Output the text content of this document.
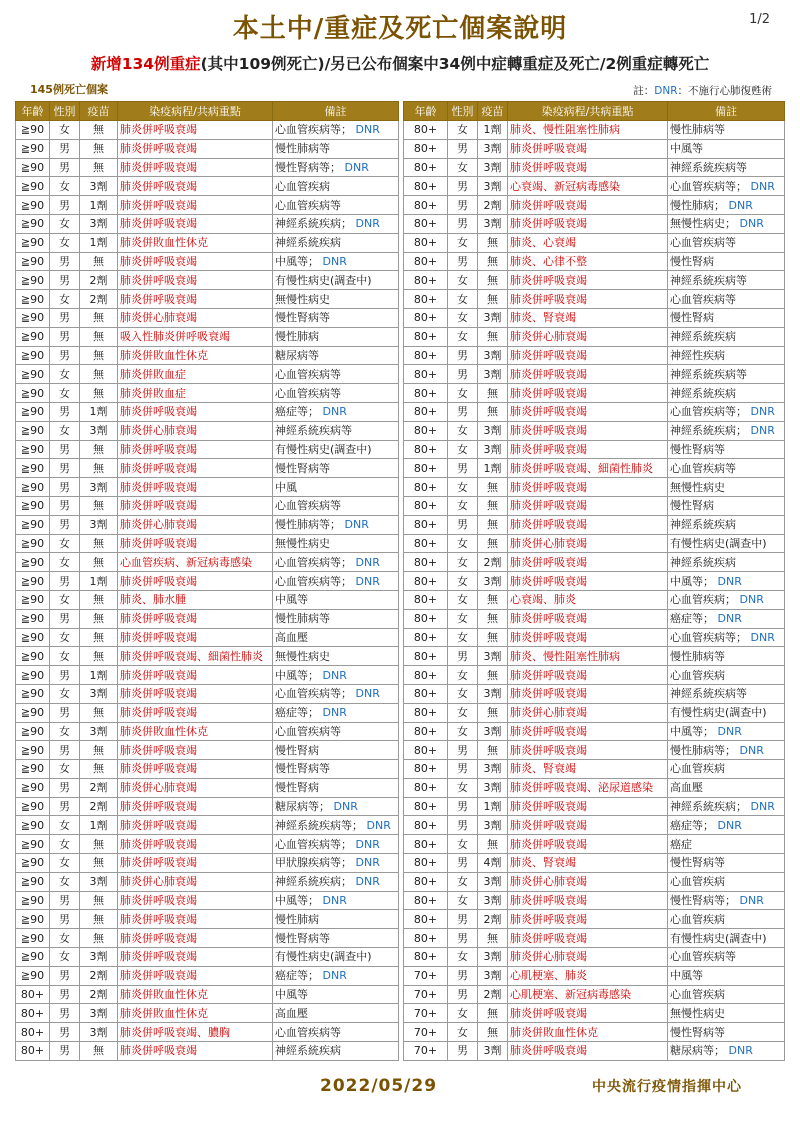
本土中/重症及死亡個案說明	1/2
新增134例重症(其中109例死亡)/另已公布個案中34例中症轉重症及死亡/2例重症轉死亡
145例死亡個案	註：DNR：不施行心肺復甦術
年齡	性別	疫苗	染疫病程/共病重點	備註
≧90	女	無	肺炎併呼吸衰竭	心血管疾病等； DNR
≧90	男	無	肺炎併呼吸衰竭	慢性肺病等
≧90	男	無	肺炎併呼吸衰竭	慢性腎病等； DNR
≧90	女	3劑	肺炎併呼吸衰竭	心血管疾病
≧90	男	1劑	肺炎併呼吸衰竭	心血管疾病等
≧90	女	3劑	肺炎併呼吸衰竭	神經系統疾病； DNR
≧90	女	1劑	肺炎併敗血性休克	神經系統疾病
≧90	男	無	肺炎併呼吸衰竭	中風等； DNR
≧90	男	2劑	肺炎併呼吸衰竭	有慢性病史(調查中)
≧90	女	2劑	肺炎併呼吸衰竭	無慢性病史
≧90	男	無	肺炎併心肺衰竭	慢性腎病等
≧90	男	無	吸入性肺炎併呼吸衰竭	慢性肺病
≧90	男	無	肺炎併敗血性休克	糖尿病等
≧90	女	無	肺炎併敗血症	心血管疾病等
≧90	女	無	肺炎併敗血症	心血管疾病等
≧90	男	1劑	肺炎併呼吸衰竭	癌症等； DNR
≧90	女	3劑	肺炎併心肺衰竭	神經系統疾病等
≧90	男	無	肺炎併呼吸衰竭	有慢性病史(調查中)
≧90	男	無	肺炎併呼吸衰竭	慢性腎病等
≧90	男	3劑	肺炎併呼吸衰竭	中風
≧90	男	無	肺炎併呼吸衰竭	心血管疾病等
≧90	男	3劑	肺炎併心肺衰竭	慢性肺病等； DNR
≧90	女	無	肺炎併呼吸衰竭	無慢性病史
≧90	女	無	心血管疾病、新冠病毒感染	心血管疾病等； DNR
≧90	男	1劑	肺炎併呼吸衰竭	心血管疾病等； DNR
≧90	女	無	肺炎、肺水腫	中風等
≧90	男	無	肺炎併呼吸衰竭	慢性肺病等
≧90	女	無	肺炎併呼吸衰竭	高血壓
≧90	女	無	肺炎併呼吸衰竭、細菌性肺炎	無慢性病史
≧90	男	1劑	肺炎併呼吸衰竭	中風等； DNR
≧90	女	3劑	肺炎併呼吸衰竭	心血管疾病等； DNR
≧90	男	無	肺炎併呼吸衰竭	癌症等； DNR
≧90	女	3劑	肺炎併敗血性休克	心血管疾病等
≧90	男	無	肺炎併呼吸衰竭	慢性腎病
≧90	女	無	肺炎併呼吸衰竭	慢性腎病等
≧90	男	2劑	肺炎併心肺衰竭	慢性腎病
≧90	男	2劑	肺炎併呼吸衰竭	糖尿病等； DNR
≧90	女	1劑	肺炎併呼吸衰竭	神經系統疾病等； DNR
≧90	女	無	肺炎併呼吸衰竭	心血管疾病等； DNR
≧90	女	無	肺炎併呼吸衰竭	甲狀腺疾病等； DNR
≧90	女	3劑	肺炎併心肺衰竭	神經系統疾病； DNR
≧90	男	無	肺炎併呼吸衰竭	中風等； DNR
≧90	男	無	肺炎併呼吸衰竭	慢性肺病
≧90	女	無	肺炎併呼吸衰竭	慢性腎病等
≧90	女	3劑	肺炎併呼吸衰竭	有慢性病史(調查中)
≧90	男	2劑	肺炎併呼吸衰竭	癌症等； DNR
80+	男	2劑	肺炎併敗血性休克	中風等
80+	男	3劑	肺炎併敗血性休克	高血壓
80+	男	3劑	肺炎併呼吸衰竭、膿胸	心血管疾病等
80+	男	無	肺炎併呼吸衰竭	神經系統疾病
年齡	性別	疫苗	染疫病程/共病重點	備註
80+	女	1劑	肺炎、慢性阻塞性肺病	慢性肺病等
80+	男	3劑	肺炎併呼吸衰竭	中風等
80+	女	3劑	肺炎併呼吸衰竭	神經系統疾病等
80+	男	3劑	心衰竭、新冠病毒感染	心血管疾病等； DNR
80+	男	2劑	肺炎併呼吸衰竭	慢性肺病； DNR
80+	男	3劑	肺炎併呼吸衰竭	無慢性病史； DNR
80+	女	無	肺炎、心衰竭	心血管疾病等
80+	男	無	肺炎、心律不整	慢性腎病
80+	女	無	肺炎併呼吸衰竭	神經系統疾病等
80+	女	無	肺炎併呼吸衰竭	心血管疾病等
80+	女	3劑	肺炎、腎衰竭	慢性腎病
80+	女	無	肺炎併心肺衰竭	神經系統疾病
80+	男	3劑	肺炎併呼吸衰竭	神經性疾病
80+	男	3劑	肺炎併呼吸衰竭	神經系統疾病等
80+	女	無	肺炎併呼吸衰竭	神經系統疾病
80+	男	無	肺炎併呼吸衰竭	心血管疾病等； DNR
80+	女	3劑	肺炎併呼吸衰竭	神經系統疾病； DNR
80+	女	3劑	肺炎併呼吸衰竭	慢性腎病等
80+	男	1劑	肺炎併呼吸衰竭、細菌性肺炎	心血管疾病等
80+	女	無	肺炎併呼吸衰竭	無慢性病史
80+	女	無	肺炎併呼吸衰竭	慢性腎病
80+	男	無	肺炎併呼吸衰竭	神經系統疾病
80+	女	無	肺炎併心肺衰竭	有慢性病史(調查中)
80+	女	2劑	肺炎併呼吸衰竭	神經系統疾病
80+	女	3劑	肺炎併呼吸衰竭	中風等； DNR
80+	女	無	心衰竭、肺炎	心血管疾病； DNR
80+	女	無	肺炎併呼吸衰竭	癌症等； DNR
80+	女	無	肺炎併呼吸衰竭	心血管疾病等； DNR
80+	男	3劑	肺炎、慢性阻塞性肺病	慢性肺病等
80+	女	無	肺炎併呼吸衰竭	心血管疾病
80+	女	3劑	肺炎併呼吸衰竭	神經系統疾病等
80+	女	無	肺炎併心肺衰竭	有慢性病史(調查中)
80+	女	3劑	肺炎併呼吸衰竭	中風等； DNR
80+	男	無	肺炎併呼吸衰竭	慢性肺病等； DNR
80+	男	3劑	肺炎、腎衰竭	心血管疾病
80+	女	3劑	肺炎併呼吸衰竭、泌尿道感染	高血壓
80+	男	1劑	肺炎併呼吸衰竭	神經系統疾病； DNR
80+	男	3劑	肺炎併呼吸衰竭	癌症等； DNR
80+	女	無	肺炎併呼吸衰竭	癌症
80+	男	4劑	肺炎、腎衰竭	慢性腎病等
80+	女	3劑	肺炎併心肺衰竭	心血管疾病
80+	女	3劑	肺炎併呼吸衰竭	慢性腎病等； DNR
80+	男	2劑	肺炎併呼吸衰竭	心血管疾病
80+	男	無	肺炎併呼吸衰竭	有慢性病史(調查中)
80+	女	3劑	肺炎併心肺衰竭	心血管疾病等
70+	男	3劑	心肌梗塞、肺炎	中風等
70+	男	2劑	心肌梗塞、新冠病毒感染	心血管疾病
70+	女	無	肺炎併呼吸衰竭	無慢性病史
70+	女	無	肺炎併敗血性休克	慢性腎病等
70+	男	3劑	肺炎併呼吸衰竭	糖尿病等； DNR
2022/05/29	中央流行疫情指揮中心
